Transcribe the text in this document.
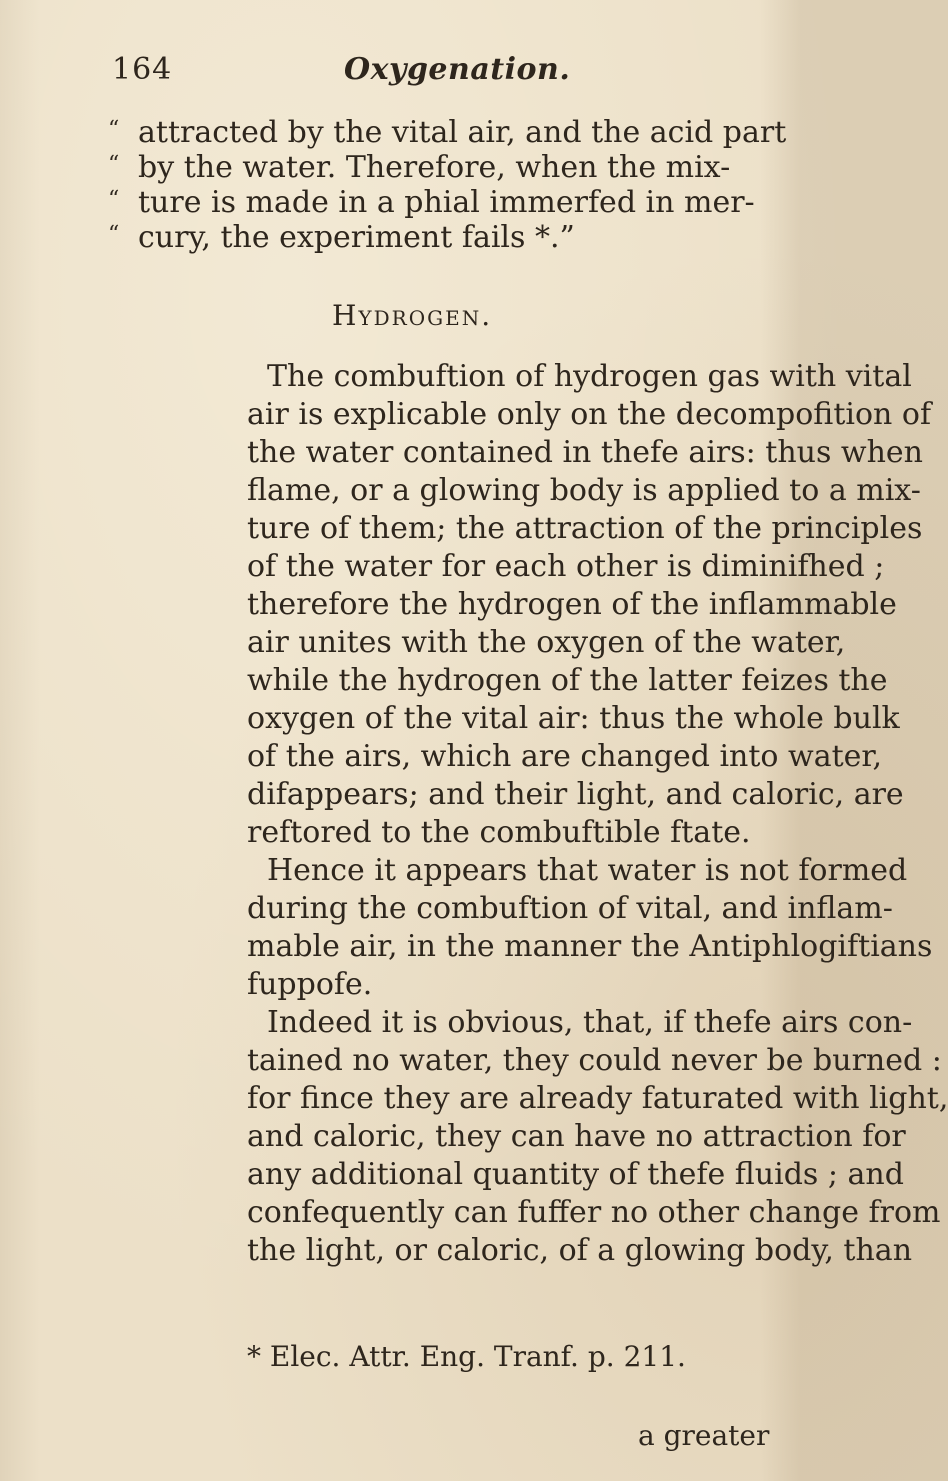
164	Oxygenation.
“ attracted by the vital air, and the acid part
“ by the water. Therefore, when the mix-
“ ture is made in a phial immerfed in mer-
“ cury, the experiment fails *.”
Hydrogen.
The combuftion of hydrogen gas with vital
air is explicable only on the decompofition of
the water contained in thefe airs: thus when
flame, or a glowing body is applied to a mix-
ture of them; the attraction of the principles
of the water for each other is diminifhed ;
therefore the hydrogen of the inflammable
air unites with the oxygen of the water,
while the hydrogen of the latter feizes the
oxygen of the vital air: thus the whole bulk
of the airs, which are changed into water,
difappears; and their light, and caloric, are
reftored to the combuftible ftate.
Hence it appears that water is not formed
during the combuftion of vital, and inflam-
mable air, in the manner the Antiphlogiftians
fuppofe.
Indeed it is obvious, that, if thefe airs con-
tained no water, they could never be burned :
for fince they are already faturated with light,
and caloric, they can have no attraction for
any additional quantity of thefe fluids ; and
confequently can fuffer no other change from
the light, or caloric, of a glowing body, than
* Elec. Attr. Eng. Tranf. p. 211.
a greater
